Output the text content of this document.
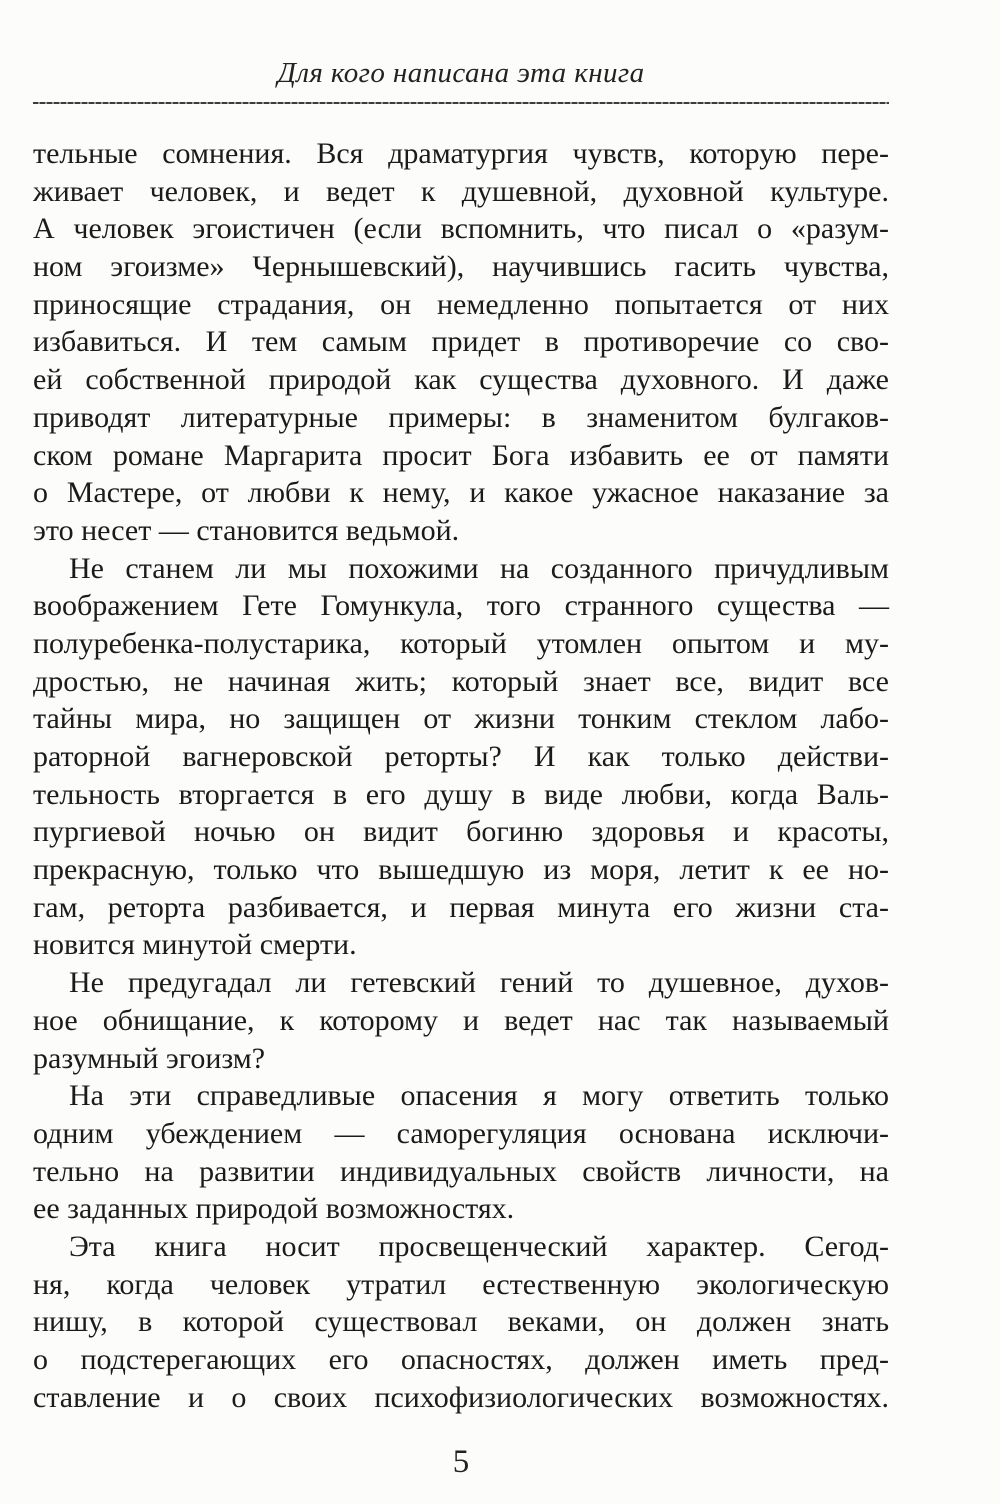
Для кого написана эта книга
тельные сомнения. Вся драматургия чувств, которую пере-
живает человек, и ведет к душевной, духовной культуре.
А человек эгоистичен (если вспомнить, что писал о «разум-
ном эгоизме» Чернышевский), научившись гасить чувства,
приносящие страдания, он немедленно попытается от них
избавиться. И тем самым придет в противоречие со сво-
ей собственной природой как существа духовного. И даже
приводят литературные примеры: в знаменитом булгаков-
ском романе Маргарита просит Бога избавить ее от памяти
о Мастере, от любви к нему, и какое ужасное наказание за
это несет — становится ведьмой.
Не станем ли мы похожими на созданного причудливым
воображением Гете Гомункула, того странного существа —
полуребенка-полустарика, который утомлен опытом и му-
дростью, не начиная жить; который знает все, видит все
тайны мира, но защищен от жизни тонким стеклом лабо-
раторной вагнеровской реторты? И как только действи-
тельность вторгается в его душу в виде любви, когда Валь-
пургиевой ночью он видит богиню здоровья и красоты,
прекрасную, только что вышедшую из моря, летит к ее но-
гам, реторта разбивается, и первая минута его жизни ста-
новится минутой смерти.
Не предугадал ли гетевский гений то душевное, духов-
ное обнищание, к которому и ведет нас так называемый
разумный эгоизм?
На эти справедливые опасения я могу ответить только
одним убеждением — саморегуляция основана исключи-
тельно на развитии индивидуальных свойств личности, на
ее заданных природой возможностях.
Эта книга носит просвещенческий характер. Сегод-
ня, когда человек утратил естественную экологическую
нишу, в которой существовал веками, он должен знать
о подстерегающих его опасностях, должен иметь пред-
ставление и о своих психофизиологических возможностях.
5
